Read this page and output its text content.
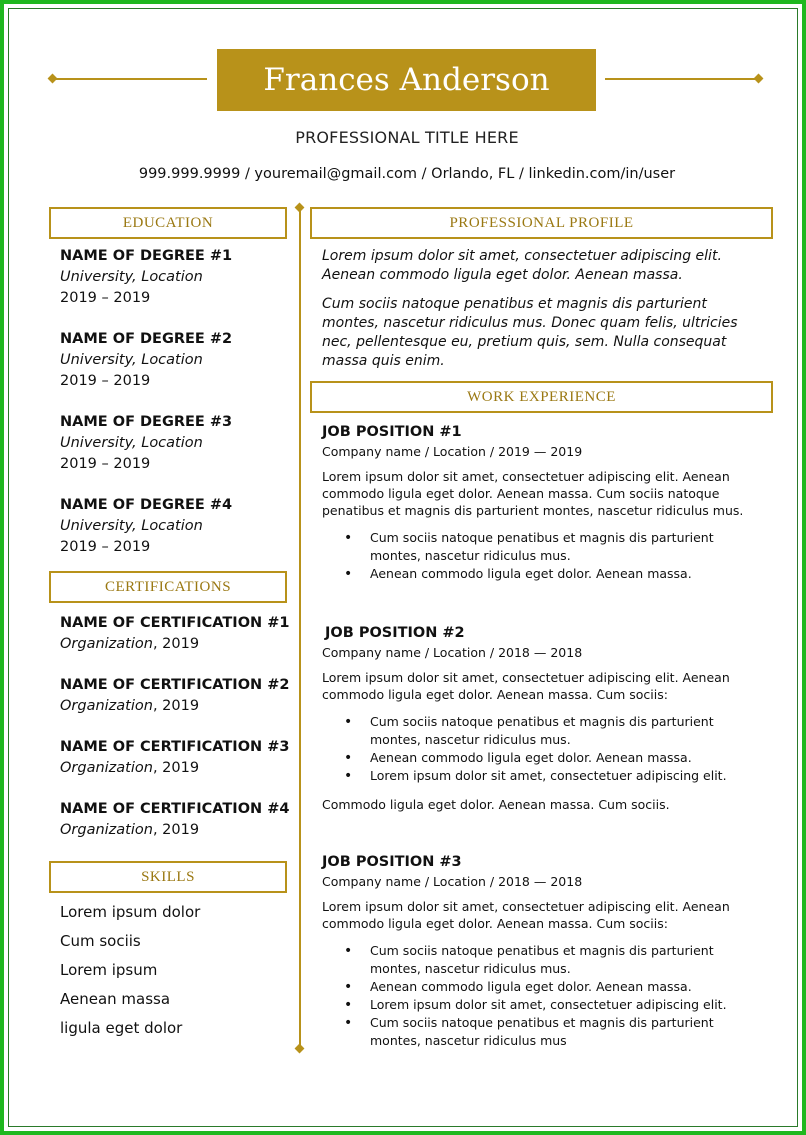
Frances Anderson
PROFESSIONAL TITLE HERE
999.999.9999 / youremail@gmail.com / Orlando, FL / linkedin.com/in/user
EDUCATION
NAME OF DEGREE #1
University, Location
2019 – 2019
NAME OF DEGREE #2
University, Location
2019 – 2019
NAME OF DEGREE #3
University, Location
2019 – 2019
NAME OF DEGREE #4
University, Location
2019 – 2019
CERTIFICATIONS
NAME OF CERTIFICATION #1
Organization, 2019
NAME OF CERTIFICATION #2
Organization, 2019
NAME OF CERTIFICATION #3
Organization, 2019
NAME OF CERTIFICATION #4
Organization, 2019
SKILLS
Lorem ipsum dolor
Cum sociis
Lorem ipsum
Aenean massa
ligula eget dolor
PROFESSIONAL PROFILE
Lorem ipsum dolor sit amet, consectetuer adipiscing elit. Aenean commodo ligula eget dolor. Aenean massa.
Cum sociis natoque penatibus et magnis dis parturient montes, nascetur ridiculus mus. Donec quam felis, ultricies nec, pellentesque eu, pretium quis, sem. Nulla consequat massa quis enim.
WORK EXPERIENCE
JOB POSITION #1
Company name / Location / 2019 — 2019
Lorem ipsum dolor sit amet, consectetuer adipiscing elit. Aenean commodo ligula eget dolor. Aenean massa. Cum sociis natoque penatibus et magnis dis parturient montes, nascetur ridiculus mus.
• Cum sociis natoque penatibus et magnis dis parturient montes, nascetur ridiculus mus.
• Aenean commodo ligula eget dolor. Aenean massa.
JOB POSITION #2
Company name / Location / 2018 — 2018
Lorem ipsum dolor sit amet, consectetuer adipiscing elit. Aenean commodo ligula eget dolor. Aenean massa. Cum sociis:
• Cum sociis natoque penatibus et magnis dis parturient montes, nascetur ridiculus mus.
• Aenean commodo ligula eget dolor. Aenean massa.
• Lorem ipsum dolor sit amet, consectetuer adipiscing elit.
Commodo ligula eget dolor. Aenean massa. Cum sociis.
JOB POSITION #3
Company name / Location / 2018 — 2018
Lorem ipsum dolor sit amet, consectetuer adipiscing elit. Aenean commodo ligula eget dolor. Aenean massa. Cum sociis:
• Cum sociis natoque penatibus et magnis dis parturient montes, nascetur ridiculus mus.
• Aenean commodo ligula eget dolor. Aenean massa.
• Lorem ipsum dolor sit amet, consectetuer adipiscing elit.
• Cum sociis natoque penatibus et magnis dis parturient montes, nascetur ridiculus mus
